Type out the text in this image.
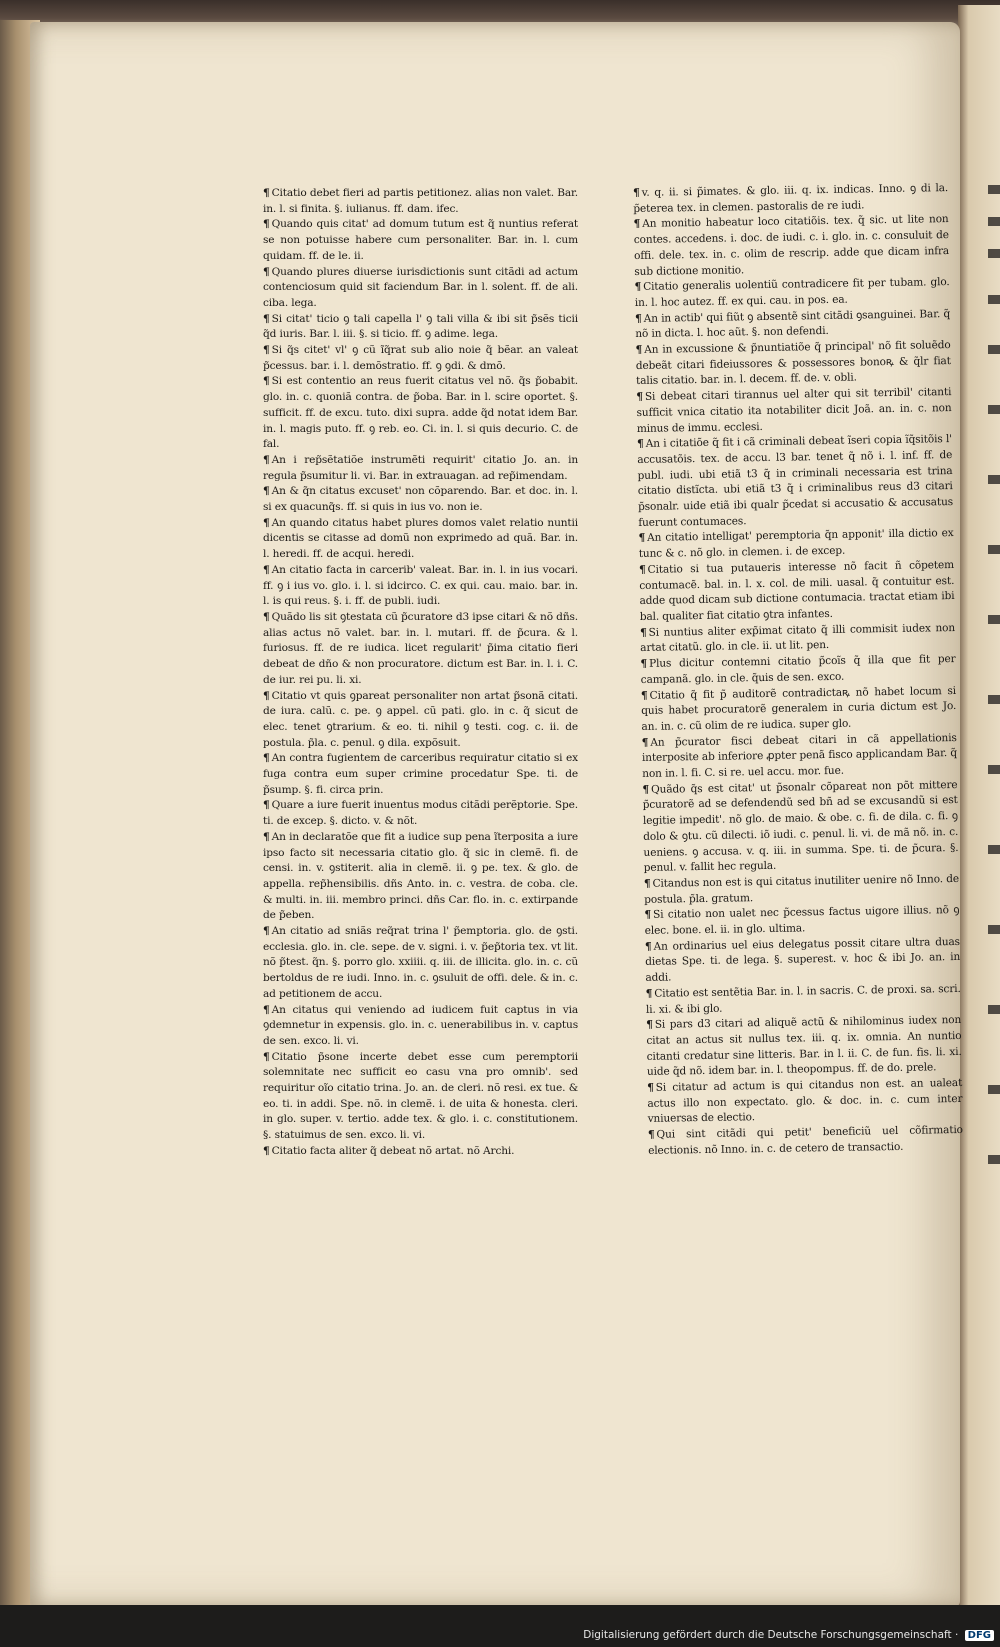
¶ Citatio debet fieri ad partis petitionez. alias non valet. Bar. in. l. si finita. §. iulianus. ff. dam. ifec.

¶ Quando quis citat' ad domum tutum est q̃ nuntius referat se non potuisse habere cum personaliter. Bar. in. l. cum quidam. ff. de le. ii.

¶ Quando plures diuerse iurisdictionis sunt citãdi ad actum contenciosum quid sit faciendum Bar. in l. solent. ff. de ali. ciba. lega.

¶ Si citat' ticio ꝯ tali capella l' ꝯ tali villa & ibi sit p̃sẽs ticii q̃d iuris. Bar. l. iii. §. si ticio. ff. ꝯ adime. lega.

¶ Si q̃s citet' vl' ꝯ cũ ĩq̃rat sub alio noie q̃ bẽar. an valeat p̃cessus. bar. i. l. demõstratio. ff. ꝯ ꝯdi. & dmõ.

¶ Si est contentio an reus fuerit citatus vel nõ. q̃s p̃obabit. glo. in. c. quoniã contra. de p̃oba. Bar. in l. scire oportet. §. sufficit. ff. de excu. tuto. dixi supra. adde q̃d notat idem Bar. in. l. magis puto. ff. ꝯ reb. eo. Ci. in. l. si quis decurio. C. de fal.

¶ An i rep̃sẽtatiõe instrumẽti requirit' citatio Jo. an. in regula p̃sumitur li. vi. Bar. in extrauagan. ad rep̃imendam.

¶ An & q̃n citatus excuset' non cõparendo. Bar. et doc. in. l. si ex quacunq̃s. ff. si quis in ius vo. non ie.

¶ An quando citatus habet plures domos valet relatio nuntii dicentis se citasse ad domũ non exprimedo ad quã. Bar. in. l. heredi. ff. de acqui. heredi.

¶ An citatio facta in carcerib' valeat. Bar. in. l. in ius vocari. ff. ꝯ i ius vo. glo. i. l. si idcirco. C. ex qui. cau. maio. bar. in. l. is qui reus. §. i. ff. de publi. iudi.

¶ Quãdo lis sit ꝯtestata cũ p̃curatore d3 ipse citari & nõ dñs. alias actus nõ valet. bar. in. l. mutari. ff. de p̃cura. & l. furiosus. ff. de re iudica. licet regularit' p̃ima citatio fieri debeat de dño & non procuratore. dictum est Bar. in. l. i. C. de iur. rei pu. li. xi.

¶ Citatio vt quis ꝯpareat personaliter non artat p̃sonã citati. de iura. calũ. c. pe. ꝯ appel. cũ pati. glo. in c. q̃ sicut de elec. tenet ꝯtrarium. & eo. ti. nihil ꝯ testi. cog. c. ii. de postula. p̃la. c. penul. ꝯ dila. expõsuit.

¶ An contra fugientem de carceribus requiratur citatio si ex fuga contra eum super crimine procedatur Spe. ti. de p̃sump. §. fi. circa prin.

¶ Quare a iure fuerit inuentus modus citãdi perẽptorie. Spe. ti. de excep. §. dicto. v. & nõt.

¶ An in declaratõe que fit a iudice sup pena ĩterposita a iure ipso facto sit necessaria citatio glo. q̃ sic in clemẽ. fi. de censi. in. v. ꝯstiterit. alia in clemẽ. ii. ꝯ pe. tex. & glo. de appella. rep̃hensibilis. dñs Anto. in. c. vestra. de coba. cle. & multi. in. iii. membro princi. dñs Car. flo. in. c. extirpande de p̃eben.

¶ An citatio ad sniãs req̃rat trina l' p̃emptoria. glo. de ꝯsti. ecclesia. glo. in. cle. sepe. de v. signi. i. v. p̃ep̃toria tex. vt lit. nõ p̃test. q̃n. §. porro glo. xxiiii. q. iii. de illicita. glo. in. c. cũ bertoldus de re iudi. Inno. in. c. ꝯsuluit de offi. dele. & in. c. ad petitionem de accu.

¶ An citatus qui veniendo ad iudicem fuit captus in via ꝯdemnetur in expensis. glo. in. c. uenerabilibus in. v. captus de sen. exco. li. vi.

¶ Citatio p̃sone incerte debet esse cum peremptorii solemnitate nec sufficit eo casu vna pro omnib'. sed requiritur oĩo citatio trina. Jo. an. de cleri. nõ resi. ex tue. & eo. ti. in addi. Spe. nõ. in clemẽ. i. de uita & honesta. cleri. in glo. super. v. tertio. adde tex. & glo. i. c. constitutionem. §. statuimus de sen. exco. li. vi.

¶ Citatio facta aliter q̃ debeat nõ artat. nõ Archi.

¶ v. q. ii. si p̃imates. & glo. iii. q. ix. indicas. Inno. ꝯ di la. p̃eterea tex. in clemen. pastoralis de re iudi.

¶ An monitio habeatur loco citatiõis. tex. q̃ sic. ut lite non contes. accedens. i. doc. de iudi. c. i. glo. in. c. consuluit de offi. dele. tex. in. c. olim de rescrip. adde que dicam infra sub dictione monitio.

¶ Citatio generalis uolentiũ contradicere fit per tubam. glo. in. l. hoc autez. ff. ex qui. cau. in pos. ea.

¶ An in actib' qui fiũt ꝯ absentẽ sint citãdi ꝯsanguinei. Bar. q̃ nõ in dicta. l. hoc aũt. §. non defendi.

¶ An in excussione & p̃nuntiatiõe q̃ principal' nõ fit soluẽdo debeãt citari fideiussores & possessores bonoꝶ & q̃lr fiat talis citatio. bar. in. l. decem. ff. de. v. obli.

¶ Si debeat citari tirannus uel alter qui sit terribil' citanti sufficit vnica citatio ita notabiliter dicit Joã. an. in. c. non minus de immu. ecclesi.

¶ An i citatiõe q̃ fit i cã criminali debeat ĩseri copia ĩq̃sitõis l' accusatõis. tex. de accu. l3 bar. tenet q̃ nõ i. l. inf. ff. de publ. iudi. ubi etiã t3 q̃ in criminali necessaria est trina citatio distĩcta. ubi etiã t3 q̃ i criminalibus reus d3 citari p̃sonalr. uide etiã ibi qualr p̃cedat si accusatio & accusatus fuerunt contumaces.

¶ An citatio intelligat' peremptoria q̃n apponit' illa dictio ex tunc & c. nõ glo. in clemen. i. de excep.

¶ Citatio si tua putaueris interesse nõ facit ñ cõpetem contumacẽ. bal. in. l. x. col. de mili. uasal. q̃ contuitur est. adde quod dicam sub dictione contumacia. tractat etiam ibi bal. qualiter fiat citatio ꝯtra infantes.

¶ Si nuntius aliter exp̃imat citato q̃ illi commisit iudex non artat citatũ. glo. in cle. ii. ut lit. pen.

¶ Plus dicitur contemni citatio p̃coĩs q̃ illa que fit per campanã. glo. in cle. q̃uis de sen. exco.

¶ Citatio q̃ fit p̃ auditorẽ contradictaꝶ nõ habet locum si quis habet procuratorẽ generalem in curia dictum est Jo. an. in. c. cũ olim de re iudica. super glo.

¶ An p̃curator fisci debeat citari in cã appellationis interposite ab inferiore ꝓpter penã fisco applicandam Bar. q̃ non in. l. fi. C. si re. uel accu. mor. fue.

¶ Quãdo q̃s est citat' ut p̃sonalr cõpareat non põt mittere p̃curatorẽ ad se defendendũ sed bñ ad se excusandũ si est legitie impedit'. nõ glo. de maio. & obe. c. fi. de dila. c. fi. ꝯ dolo & ꝯtu. cũ dilecti. iõ iudi. c. penul. li. vi. de mã nõ. in. c. ueniens. ꝯ accusa. v. q. iii. in summa. Spe. ti. de p̃cura. §. penul. v. fallit hec regula.

¶ Citandus non est is qui citatus inutiliter uenire nõ Inno. de postula. p̃la. gratum.

¶ Si citatio non ualet nec p̃cessus factus uigore illius. nõ ꝯ elec. bone. el. ii. in glo. ultima.

¶ An ordinarius uel eius delegatus possit citare ultra duas dietas Spe. ti. de lega. §. superest. v. hoc & ibi Jo. an. in addi.

¶ Citatio est sentẽtia Bar. in. l. in sacris. C. de proxi. sa. scri. li. xi. & ibi glo.

¶ Si pars d3 citari ad aliquẽ actũ & nihilominus iudex non citat an actus sit nullus tex. iii. q. ix. omnia. An nuntio citanti credatur sine litteris. Bar. in l. ii. C. de fun. fis. li. xi. uide q̃d nõ. idem bar. in. l. theopompus. ff. de do. prele.

¶ Si citatur ad actum is qui citandus non est. an ualeat actus illo non expectato. glo. & doc. in. c. cum inter vniuersas de electio.

¶ Qui sint citãdi qui petit' beneficiũ uel cõfirmatio electionis. nõ Inno. in. c. de cetero de transactio.

Digitalisierung gefördert durch die Deutsche Forschungsgemeinschaft · DFG
